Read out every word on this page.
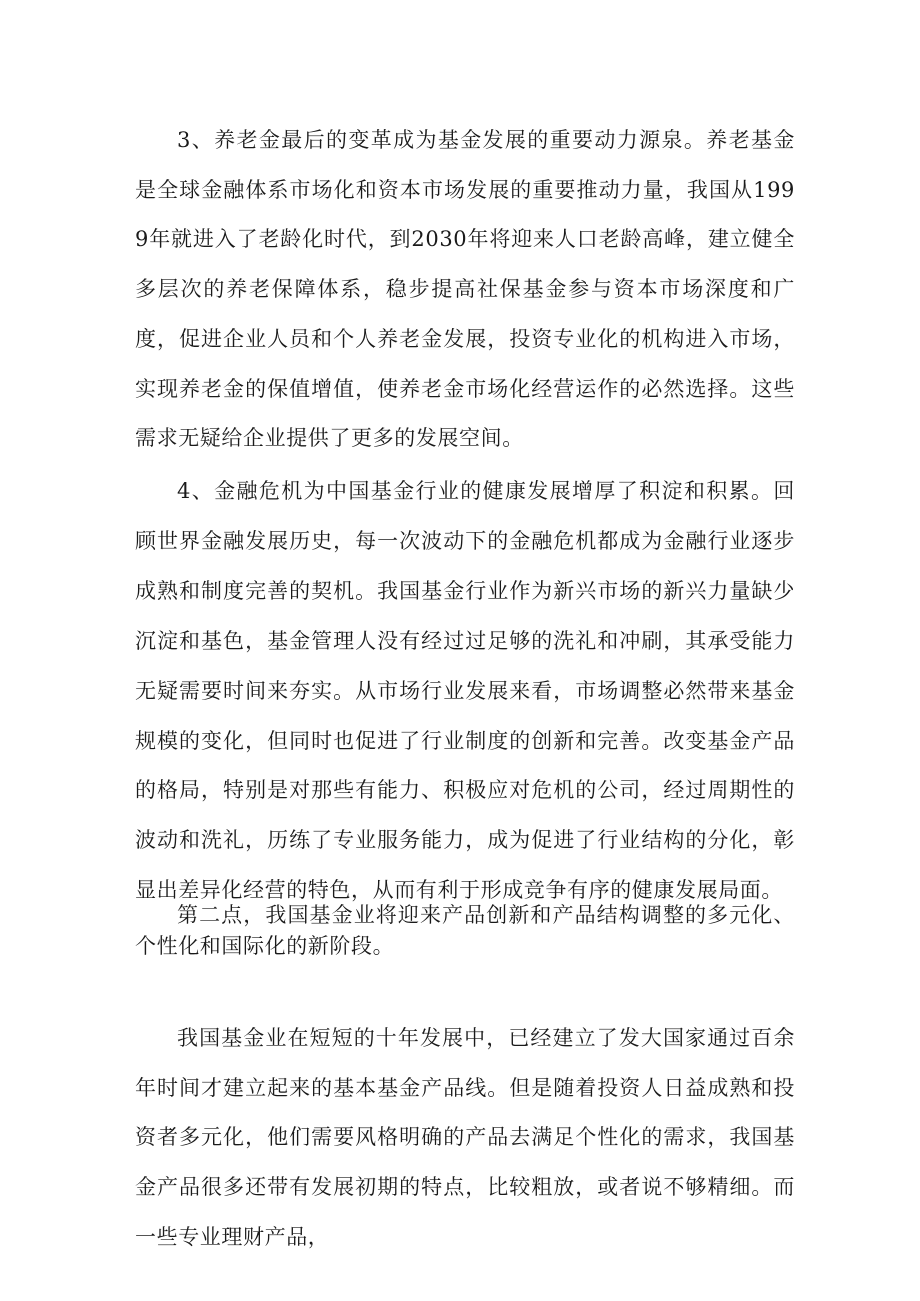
3、养老金最后的变革成为基金发展的重要动力源泉。养老基金是全球金融体系市场化和资本市场发展的重要推动力量，我国从1999年就进入了老龄化时代，到2030年将迎来人口老龄高峰，建立健全多层次的养老保障体系，稳步提高社保基金参与资本市场深度和广度，促进企业人员和个人养老金发展，投资专业化的机构进入市场，实现养老金的保值增值，使养老金市场化经营运作的必然选择。这些需求无疑给企业提供了更多的发展空间。

4、金融危机为中国基金行业的健康发展增厚了积淀和积累。回顾世界金融发展历史，每一次波动下的金融危机都成为金融行业逐步成熟和制度完善的契机。我国基金行业作为新兴市场的新兴力量缺少沉淀和基色，基金管理人没有经过过足够的洗礼和冲刷，其承受能力无疑需要时间来夯实。从市场行业发展来看，市场调整必然带来基金规模的变化，但同时也促进了行业制度的创新和完善。改变基金产品的格局，特别是对那些有能力、积极应对危机的公司，经过周期性的波动和洗礼，历练了专业服务能力，成为促进了行业结构的分化，彰显出差异化经营的特色，从而有利于形成竞争有序的健康发展局面。

第二点，我国基金业将迎来产品创新和产品结构调整的多元化、个性化和国际化的新阶段。

我国基金业在短短的十年发展中，已经建立了发大国家通过百余年时间才建立起来的基本基金产品线。但是随着投资人日益成熟和投资者多元化，他们需要风格明确的产品去满足个性化的需求，我国基金产品很多还带有发展初期的特点，比较粗放，或者说不够精细。而一些专业理财产品，
